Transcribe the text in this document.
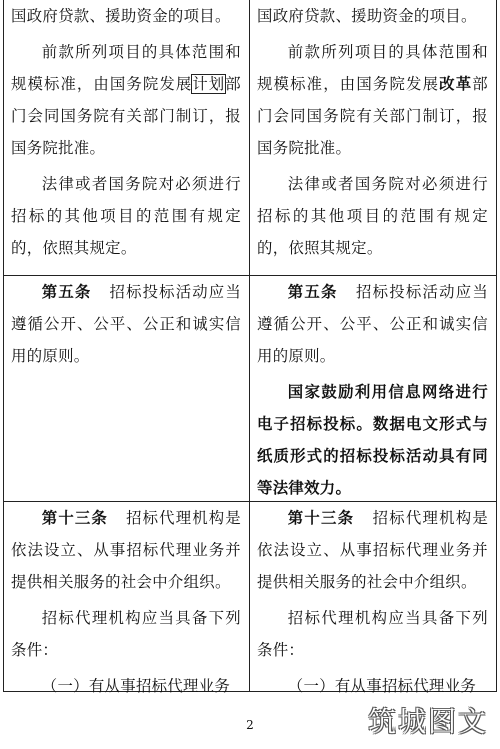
国政府贷款、援助资金的项目。

前款所列项目的具体范围和规模标准，由国务院发展计划部门会同国务院有关部门制订，报国务院批准。

法律或者国务院对必须进行招标的其他项目的范围有规定的，依照其规定。

国政府贷款、援助资金的项目。

前款所列项目的具体范围和规模标准，由国务院发展改革部门会同国务院有关部门制订，报国务院批准。

法律或者国务院对必须进行招标的其他项目的范围有规定的，依照其规定。

第五条 招标投标活动应当遵循公开、公平、公正和诚实信用的原则。

第五条 招标投标活动应当遵循公开、公平、公正和诚实信用的原则。

国家鼓励利用信息网络进行电子招标投标。数据电文形式与纸质形式的招标投标活动具有同等法律效力。

第十三条 招标代理机构是依法设立、从事招标代理业务并提供相关服务的社会中介组织。

招标代理机构应当具备下列条件：

（一）有从事招标代理业务

第十三条 招标代理机构是依法设立、从事招标代理业务并提供相关服务的社会中介组织。

招标代理机构应当具备下列条件：

（一）有从事招标代理业务

2	筑城图文
